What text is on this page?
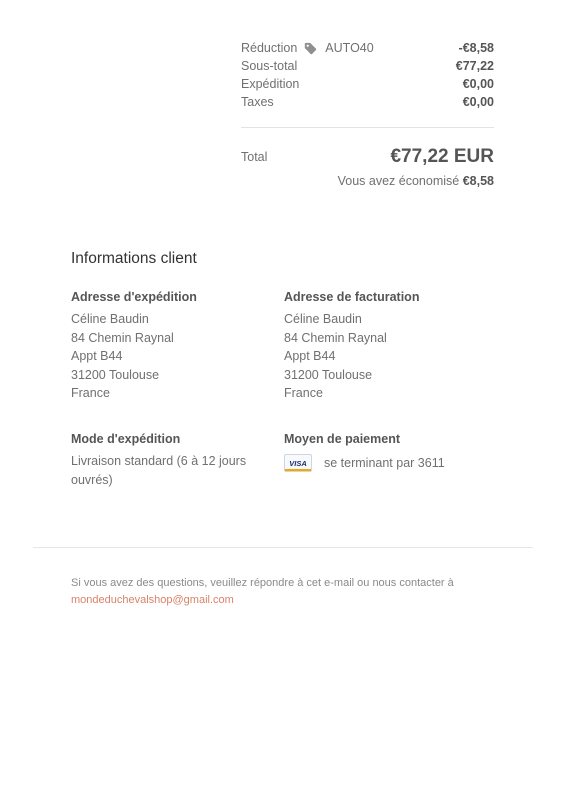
Réduction AUTO40	-€8,58
Sous-total	€77,22
Expédition	€0,00
Taxes	€0,00
Total	€77,22 EUR
Vous avez économisé €8,58
Informations client
Adresse d'expédition
Céline Baudin
84 Chemin Raynal
Appt B44
31200 Toulouse
France
Adresse de facturation
Céline Baudin
84 Chemin Raynal
Appt B44
31200 Toulouse
France
Mode d'expédition
Livraison standard (6 à 12 jours ouvrés)
Moyen de paiement
VISA	se terminant par 3611
Si vous avez des questions, veuillez répondre à cet e-mail ou nous contacter à
mondeduchevalshop@gmail.com
